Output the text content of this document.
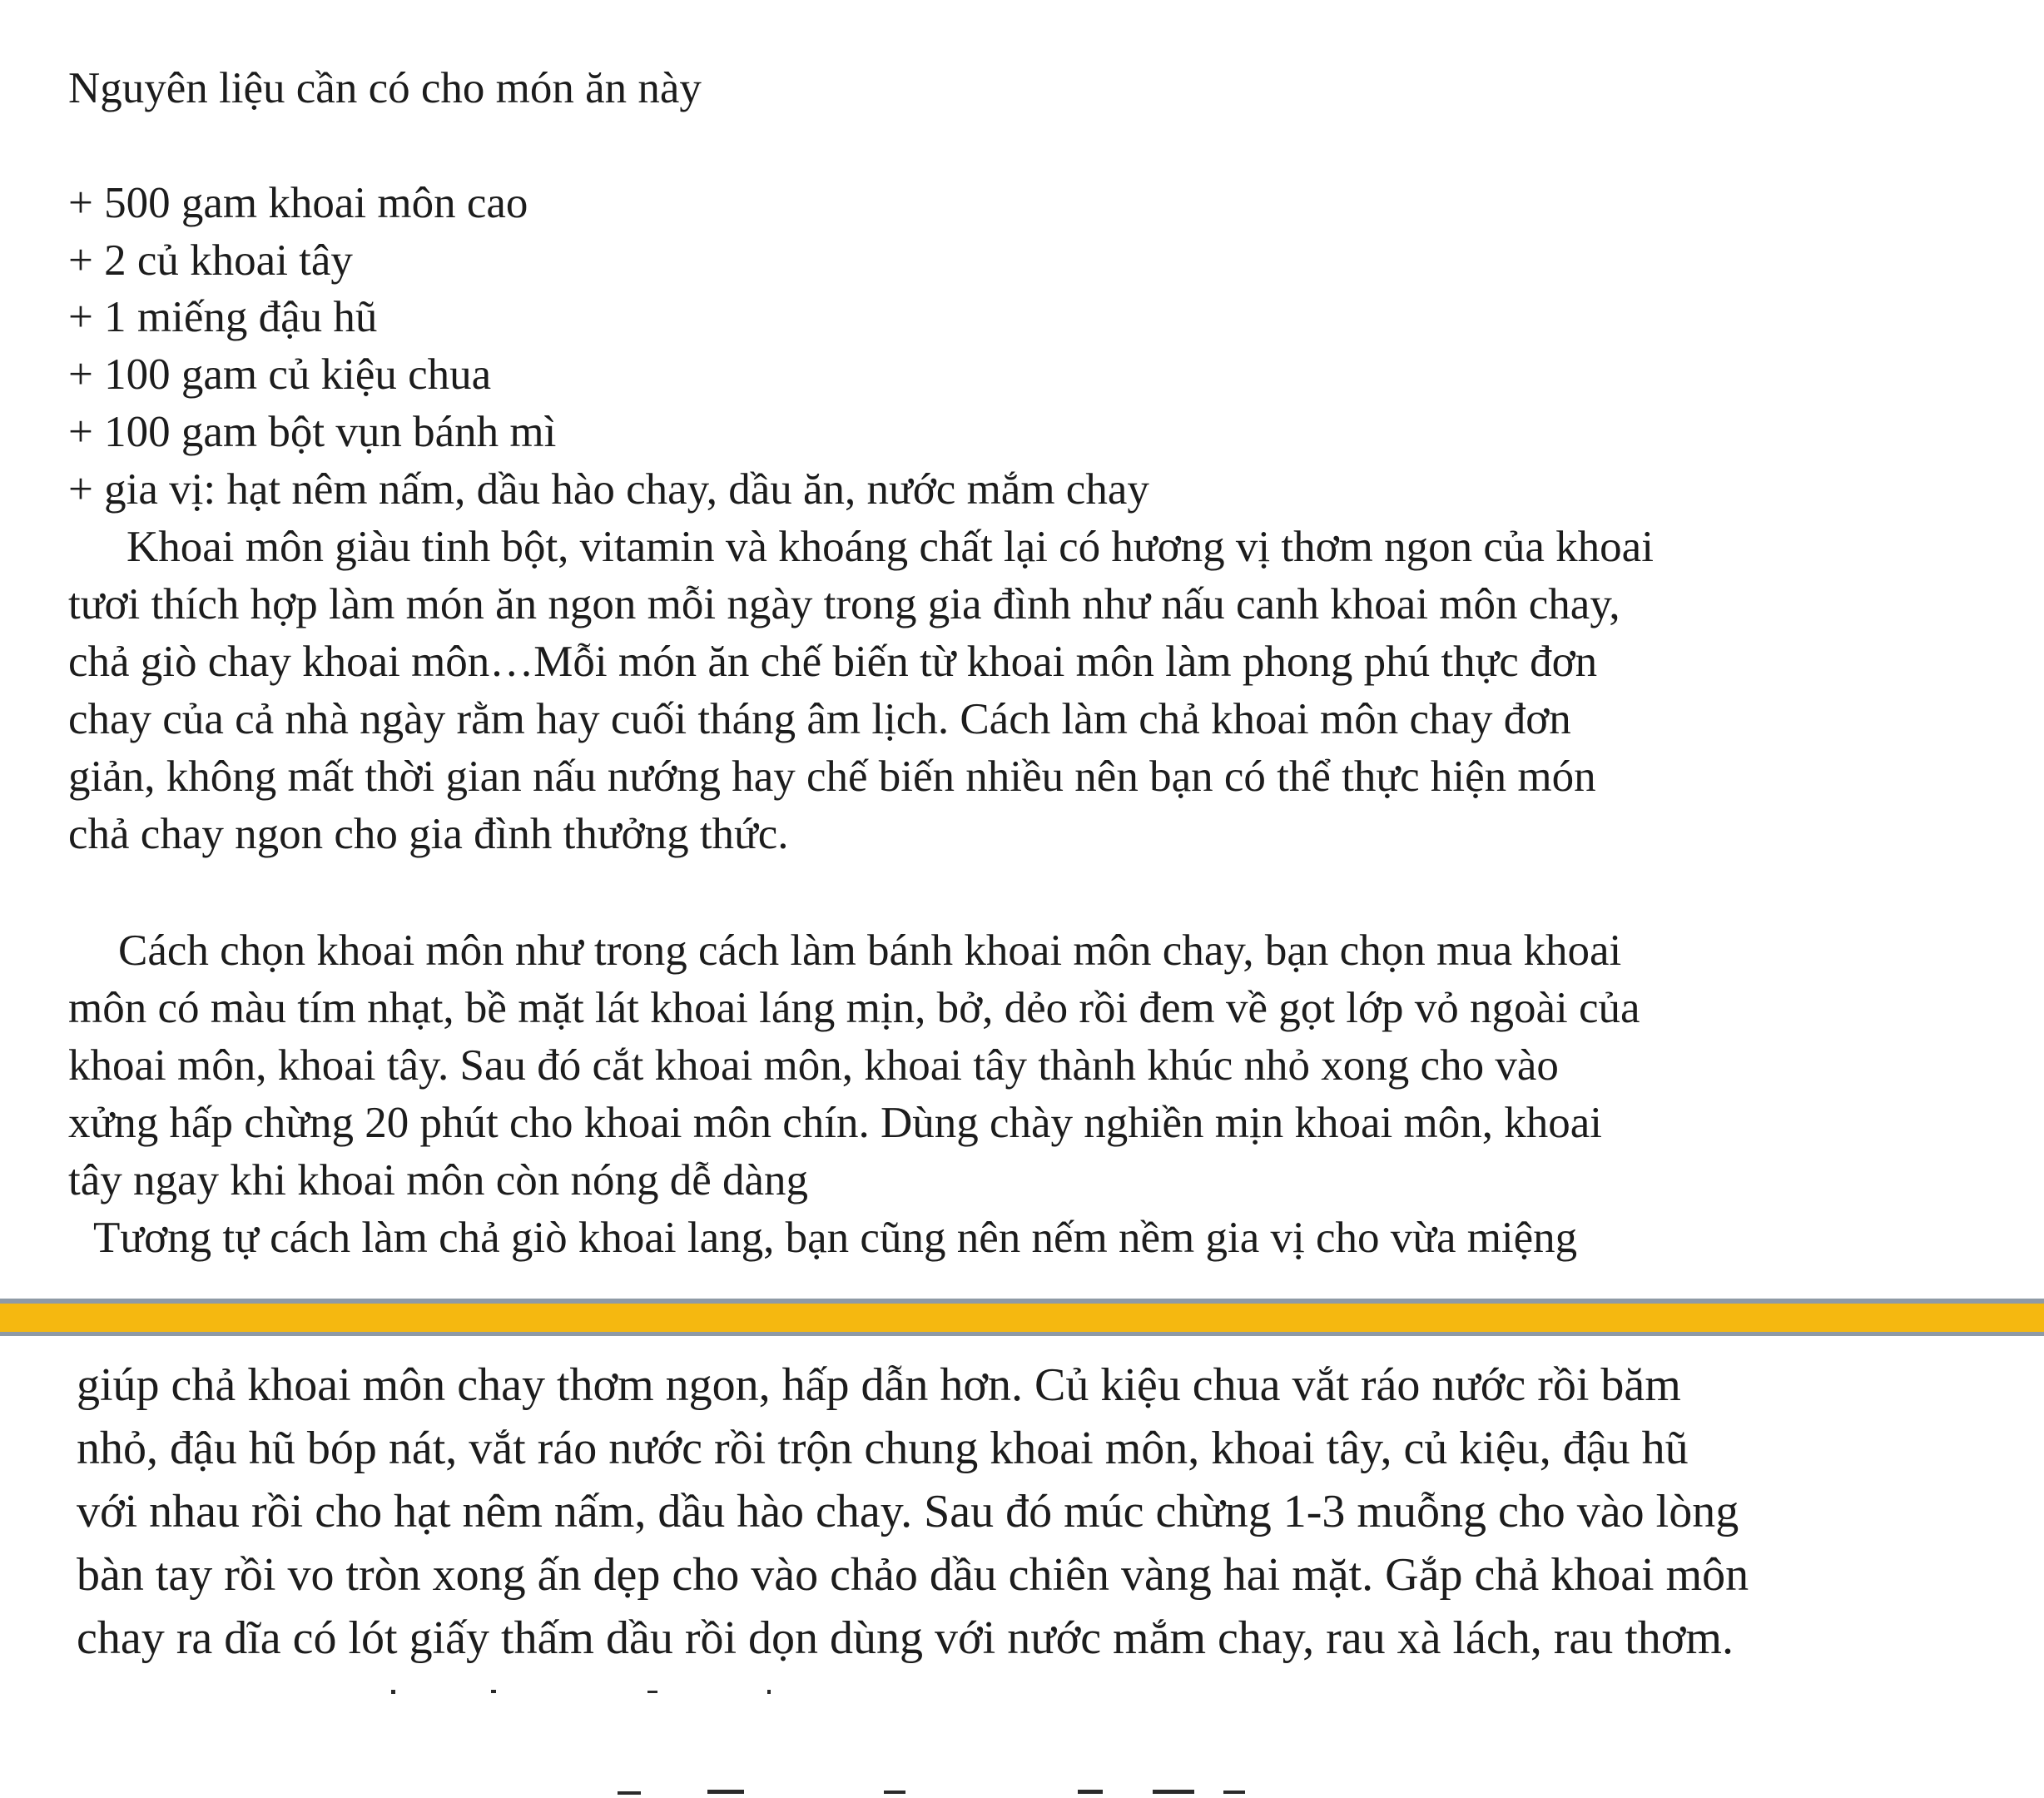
Nguyên liệu cần có cho món ăn này
+ 500 gam khoai môn cao
+ 2 củ khoai tây
+ 1 miếng đậu hũ
+ 100 gam củ kiệu chua
+ 100 gam bột vụn bánh mì
+ gia vị: hạt nêm nấm, dầu hào chay, dầu ăn, nước mắm chay
Khoai môn giàu tinh bột, vitamin và khoáng chất lại có hương vị thơm ngon của khoai
tươi thích hợp làm món ăn ngon mỗi ngày trong gia đình như nấu canh khoai môn chay,
chả giò chay khoai môn…Mỗi món ăn chế biến từ khoai môn làm phong phú thực đơn
chay của cả nhà ngày rằm hay cuối tháng âm lịch. Cách làm chả khoai môn chay đơn
giản, không mất thời gian nấu nướng hay chế biến nhiều nên bạn có thể thực hiện món
chả chay ngon cho gia đình thưởng thức.
Cách chọn khoai môn như trong cách làm bánh khoai môn chay, bạn chọn mua khoai
môn có màu tím nhạt, bề mặt lát khoai láng mịn, bở, dẻo rồi đem về gọt lớp vỏ ngoài của
khoai môn, khoai tây. Sau đó cắt khoai môn, khoai tây thành khúc nhỏ xong cho vào
xửng hấp chừng 20 phút cho khoai môn chín. Dùng chày nghiền mịn khoai môn, khoai
tây ngay khi khoai môn còn nóng dễ dàng
Tương tự cách làm chả giò khoai lang, bạn cũng nên nếm nềm gia vị cho vừa miệng
giúp chả khoai môn chay thơm ngon, hấp dẫn hơn. Củ kiệu chua vắt ráo nước rồi băm
nhỏ, đậu hũ bóp nát, vắt ráo nước rồi trộn chung khoai môn, khoai tây, củ kiệu, đậu hũ
với nhau rồi cho hạt nêm nấm, dầu hào chay. Sau đó múc chừng 1-3 muỗng cho vào lòng
bàn tay rồi vo tròn xong ấn dẹp cho vào chảo dầu chiên vàng hai mặt. Gắp chả khoai môn
chay ra dĩa có lót giấy thấm dầu rồi dọn dùng với nước mắm chay, rau xà lách, rau thơm.
